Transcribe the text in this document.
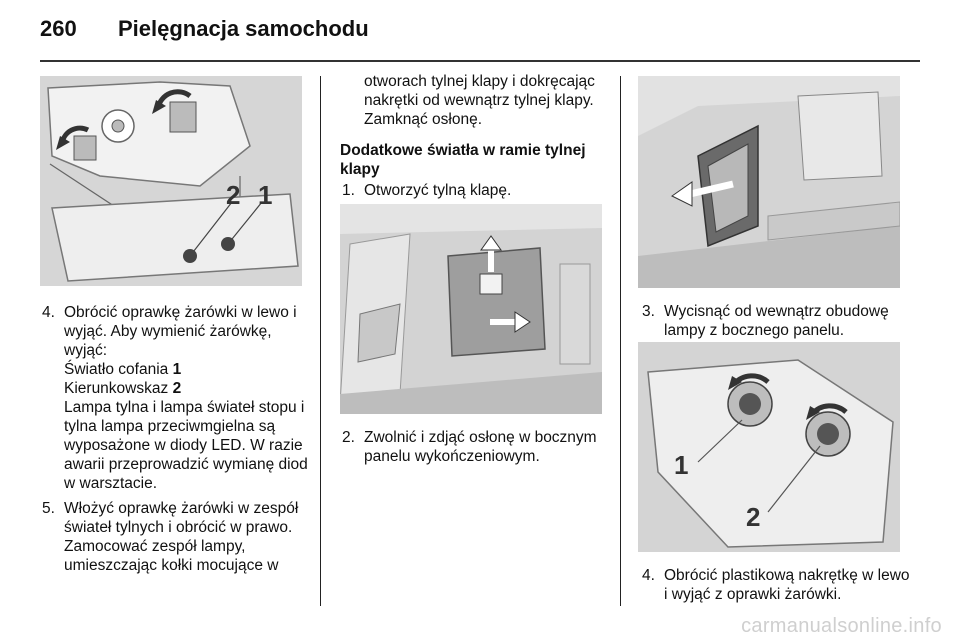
260 Pielęgnacja samochodu
2 1

4. Obrócić oprawkę żarówki w lewo i wyjąć. Aby wymienić żarówkę, wyjąć:

Światło cofania 1

Kierunkowskaz 2

Lampa tylna i lampa świateł stopu i tylna lampa przeciwmgielna są wyposażone w diody LED. W razie awarii przeprowadzić wymianę diod w warsztacie.

5. Włożyć oprawkę żarówki w zespół świateł tylnych i obrócić w prawo. Zamocować zespół lampy, umieszczając kołki mocujące w

otworach tylnej klapy i dokręcając nakrętki od wewnątrz tylnej klapy. Zamknąć osłonę.

Dodatkowe światła w ramie tylnej klapy

1. Otworzyć tylną klapę.

2. Zwolnić i zdjąć osłonę w bocznym panelu wykończeniowym.

3. Wycisnąć od wewnątrz obudowę lampy z bocznego panelu.

1
2

4. Obrócić plastikową nakrętkę w lewo i wyjąć z oprawki żarówki.

carmanualsonline.info
